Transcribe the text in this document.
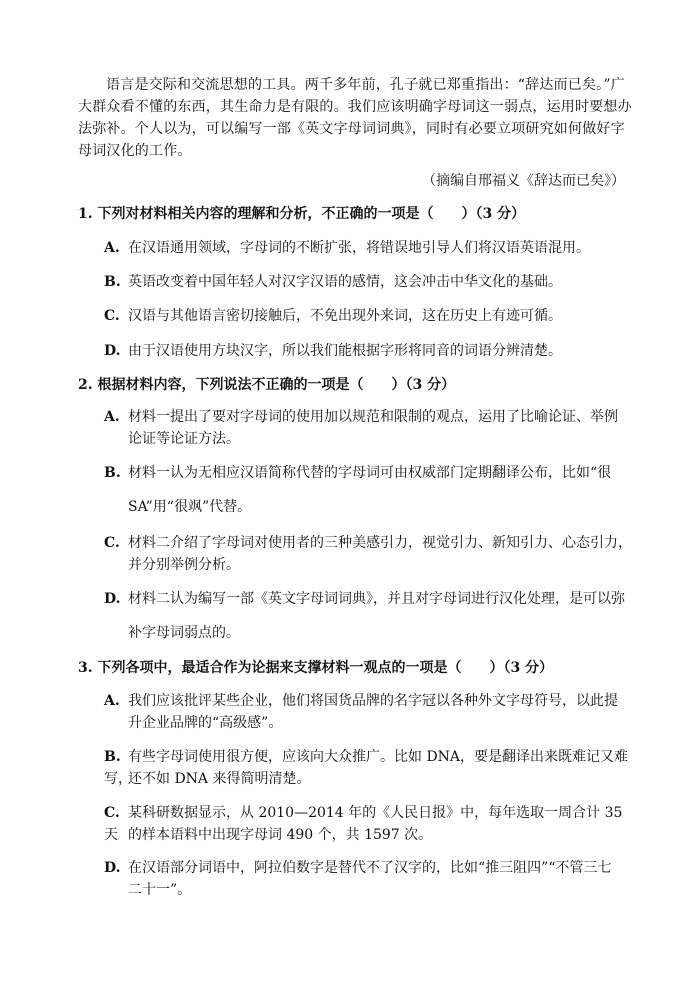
语言是交际和交流思想的工具。两千多年前，孔子就已郑重指出：“辞达而已矣。”广

大群众看不懂的东西，其生命力是有限的。我们应该明确字母词这一弱点，运用时要想办

法弥补。个人以为，可以编写一部《英文字母词词典》，同时有必要立项研究如何做好字

母词汉化的工作。

（摘编自邢福义《辞达而已矣》）
1. 下列对材料相关内容的理解和分析，不正确的一项是（　　）（3 分）
A. 在汉语通用领域，字母词的不断扩张，将错误地引导人们将汉语英语混用。
B. 英语改变着中国年轻人对汉字汉语的感情，这会冲击中华文化的基础。
C. 汉语与其他语言密切接触后，不免出现外来词，这在历史上有迹可循。
D. 由于汉语使用方块汉字，所以我们能根据字形将同音的词语分辨清楚。
2. 根据材料内容，下列说法不正确的一项是（　　）（3 分）
A. 材料一提出了要对字母词的使用加以规范和限制的观点，运用了比喻论证、举例
论证等论证方法。
B. 材料一认为无相应汉语简称代替的字母词可由权威部门定期翻译公布，比如“很
SA”用“很飒”代替。
C. 材料二介绍了字母词对使用者的三种美感引力，视觉引力、新知引力、心态引力，
并分别举例分析。
D. 材料二认为编写一部《英文字母词词典》，并且对字母词进行汉化处理，是可以弥
补字母词弱点的。
3. 下列各项中，最适合作为论据来支撑材料一观点的一项是（　　）（3 分）
A. 我们应该批评某些企业，他们将国货品牌的名字冠以各种外文字母符号，以此提
升企业品牌的“高级感”。
B. 有些字母词使用很方便，应该向大众推广。比如 DNA，要是翻译出来既难记又难写，
还不如 DNA 来得简明清楚。
C. 某科研数据显示，从 2010—2014 年的《人民日报》中，每年选取一周合计 35 天 的样本语料中出现字母词 490 个，共 1597 次。
D. 在汉语部分词语中，阿拉伯数字是替代不了汉字的，比如“推三阻四”“不管三七
二十一”。
